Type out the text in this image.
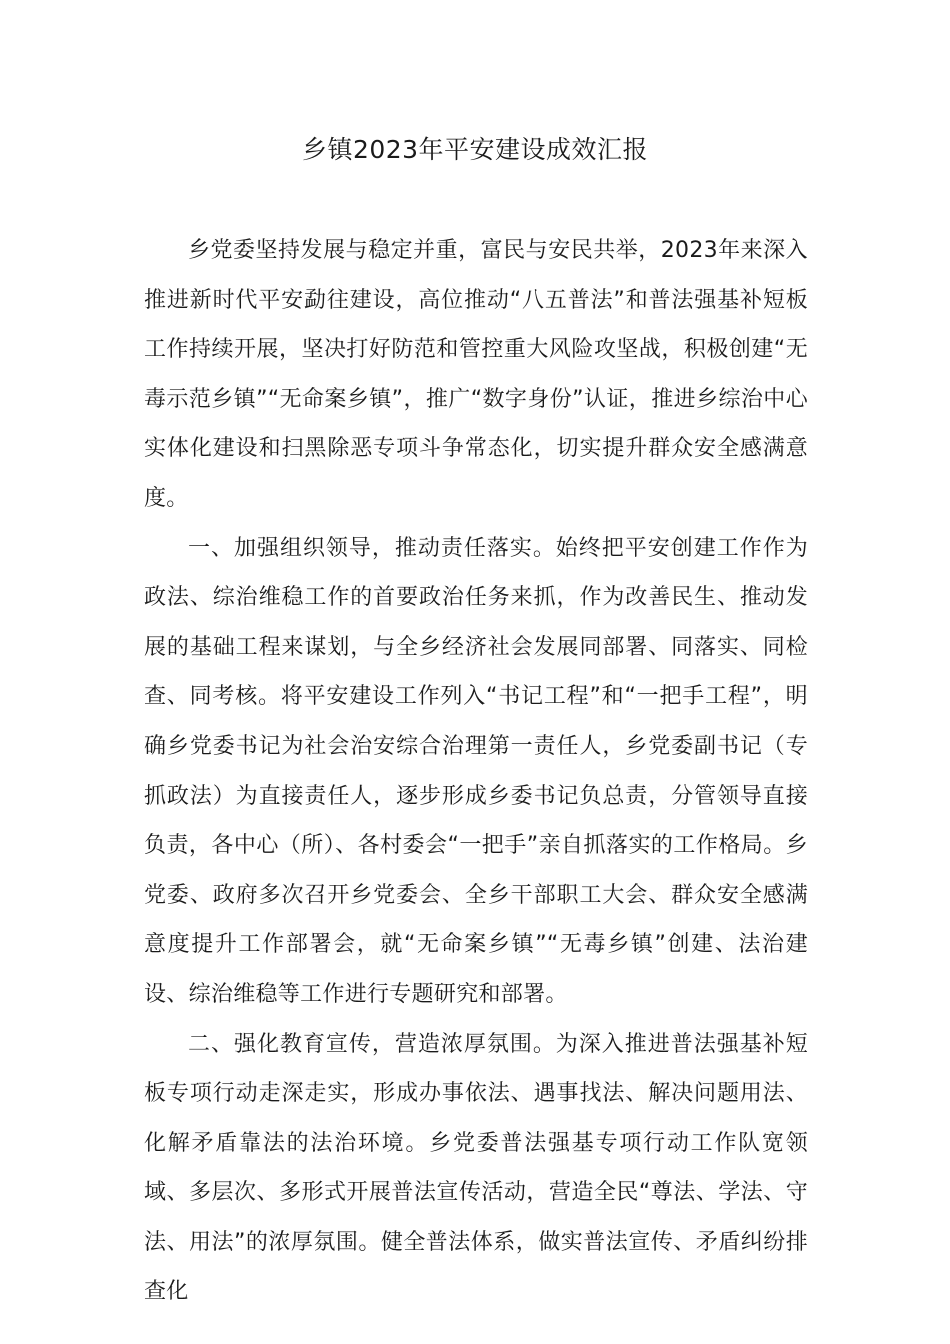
乡镇2023年平安建设成效汇报

乡党委坚持发展与稳定并重，富民与安民共举，2023年来深入推进新时代平安勐往建设，高位推动“八五普法”和普法强基补短板工作持续开展，坚决打好防范和管控重大风险攻坚战，积极创建“无毒示范乡镇”“无命案乡镇”，推广“数字身份”认证，推进乡综治中心实体化建设和扫黑除恶专项斗争常态化，切实提升群众安全感满意度。

一、加强组织领导，推动责任落实。始终把平安创建工作作为政法、综治维稳工作的首要政治任务来抓，作为改善民生、推动发展的基础工程来谋划，与全乡经济社会发展同部署、同落实、同检查、同考核。将平安建设工作列入“书记工程”和“一把手工程”，明确乡党委书记为社会治安综合治理第一责任人，乡党委副书记（专抓政法）为直接责任人，逐步形成乡委书记负总责，分管领导直接负责，各中心（所）、各村委会“一把手”亲自抓落实的工作格局。乡党委、政府多次召开乡党委会、全乡干部职工大会、群众安全感满意度提升工作部署会，就“无命案乡镇”“无毒乡镇”创建、法治建设、综治维稳等工作进行专题研究和部署。

二、强化教育宣传，营造浓厚氛围。为深入推进普法强基补短板专项行动走深走实，形成办事依法、遇事找法、解决问题用法、化解矛盾靠法的法治环境。乡党委普法强基专项行动工作队宽领域、多层次、多形式开展普法宣传活动，营造全民“尊法、学法、守法、用法”的浓厚氛围。健全普法体系，做实普法宣传、矛盾纠纷排查化
